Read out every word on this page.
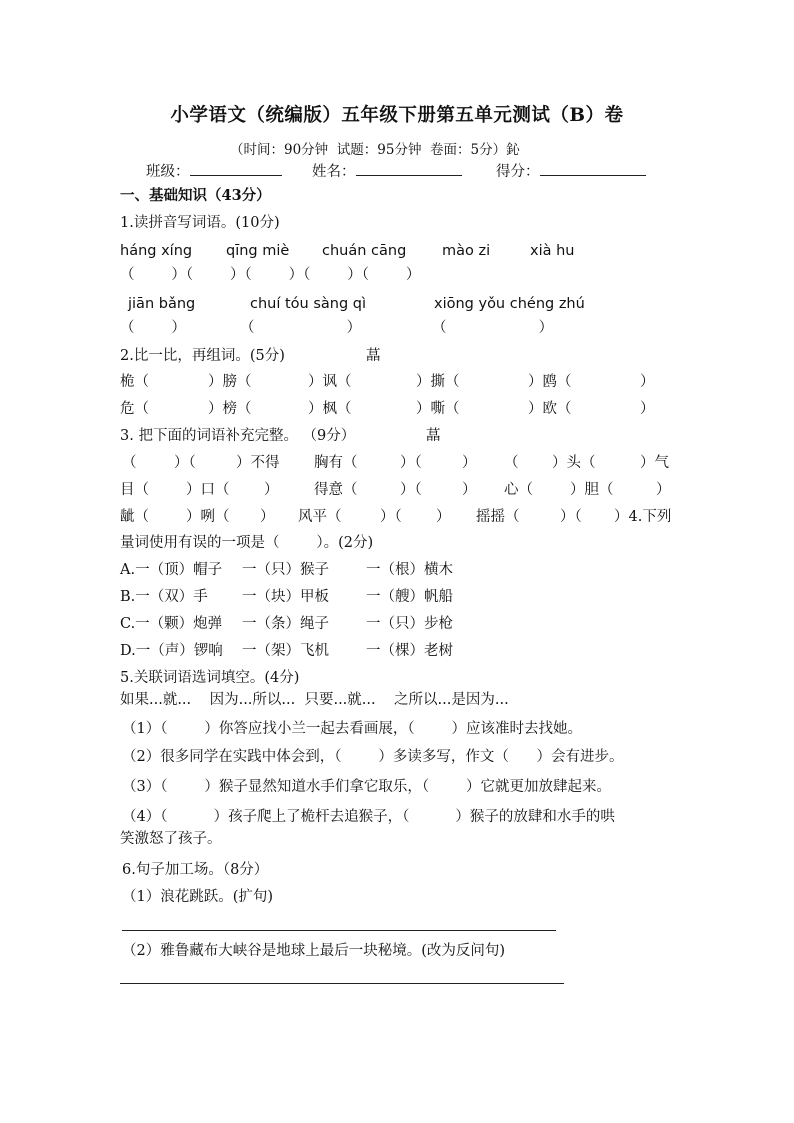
小学语文（统编版）五年级下册第五单元测试（B）卷
（时间：90分钟  试题：95分钟  卷面：5分）鈊
班级：	姓名：	得分：
一、基础知识（43分）
1.读拼音写词语。(10分)
háng xíng qīng miè chuán cāng mào zi	xià hu
（        ）（        ）（        ）（        ）（        ）
jiān bǎng	chuí tóu sàng qì	xiōng yǒu chéng zhú
（        ）	（                    ）	（                    ）
2.比一比，再组词。(5分)	蕌
桅（	）膀（	）讽（	）撕（	）鸥（	）
危（	）榜（	）枫（	）嘶（	）欧（	）
3. 把下面的词语补充完整。 （9分）	蕌
（	）（	）不得 胸有（	）（	） （ ）头（	）气
目（	）口（ ） 得意（	）（	） 心（	）胆（	）
龇（	）咧（ ） 风平（	）（ ） 摇摇（	）（ ）4.下列
量词使用有误的一项是（        ）。(2分)
A.一（顶）帽子 一（只）猴子	一（根）横木
B.一（双）手 一（块）甲板	一（艘）帆船
C.一（颗）炮弹 一（条）绳子	一（只）步枪
D.一（声）锣响 一（架）飞机	一（棵）老树
5.关联词语选词填空。(4分)
如果...就...    因为...所以...  只要...就...    之所以...是因为...
（1）（        ）你答应找小兰一起去看画展，（        ）应该准时去找她。
（2）很多同学在实践中体会到，（        ）多读多写，作文（      ）会有进步。
（3）（        ）猴子显然知道水手们拿它取乐，（        ）它就更加放肆起来。
（4）（          ）孩子爬上了桅杆去追猴子，（          ）猴子的放肆和水手的哄
笑激怒了孩子。
6.句子加工场。（8分）
（1）浪花跳跃。(扩句)
（2）雅鲁藏布大峡谷是地球上最后一块秘境。(改为反问句)
